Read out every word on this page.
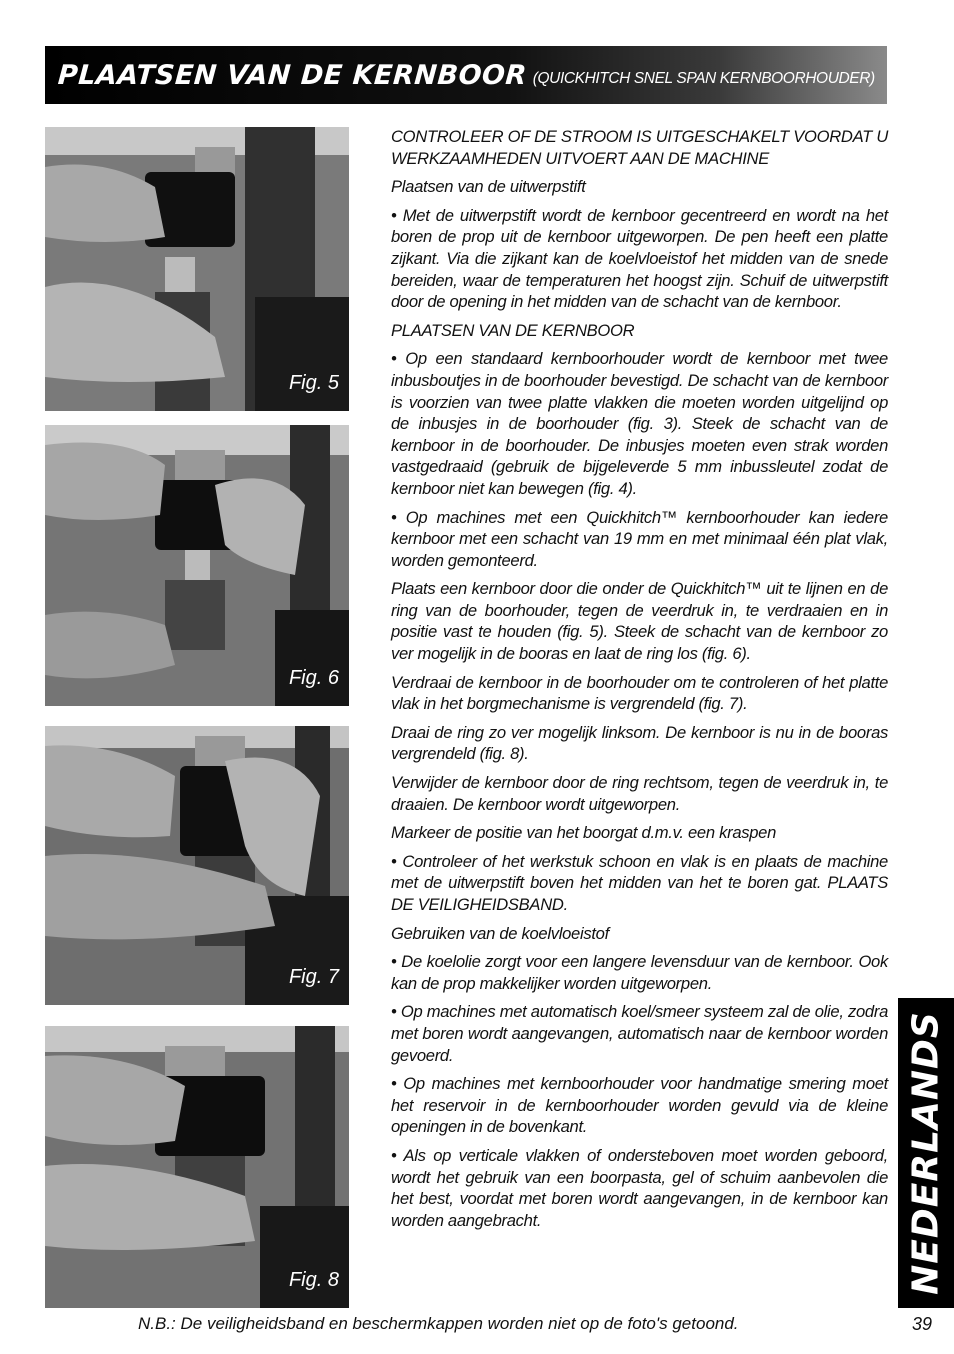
PLAATSEN VAN DE KERNBOOR (QUICKHITCH SNEL SPAN KERNBOORHOUDER)
Fig. 5
Fig. 6
Fig. 7
Fig. 8

CONTROLEER OF DE STROOM IS UITGESCHAKELT VOORDAT U WERKZAAMHEDEN UITVOERT AAN DE MACHINE

Plaatsen van de uitwerpstift

• Met de uitwerpstift wordt de kernboor gecentreerd en wordt na het boren de prop uit de kernboor uitgeworpen. De pen heeft een platte zijkant. Via die zijkant kan de koelvloeistof het midden van de snede bereiden, waar de temperaturen het hoogst zijn. Schuif de uitwerpstift door de opening in het midden van de schacht van de kernboor.

PLAATSEN VAN DE KERNBOOR

• Op een standaard kernboorhouder wordt de kernboor met twee inbusboutjes in de boorhouder bevestigd. De schacht van de kernboor is voorzien van twee platte vlakken die moeten worden uitgelijnd op de inbusjes in de boorhouder (fig. 3). Steek de schacht van de kernboor in de boorhouder. De inbusjes moeten even strak worden vastgedraaid (gebruik de bijgeleverde 5 mm inbussleutel zodat de kernboor niet kan bewegen (fig. 4).

• Op machines met een Quickhitch™ kernboorhouder kan iedere kernboor met een schacht van 19 mm en met minimaal één plat vlak, worden gemonteerd.

Plaats een kernboor door die onder de Quickhitch™ uit te lijnen en de ring van de boorhouder, tegen de veerdruk in, te verdraaien en in positie vast te houden (fig. 5). Steek de schacht van de kernboor zo ver mogelijk in de booras en laat de ring los (fig. 6).

Verdraai de kernboor in de boorhouder om te controleren of het platte vlak in het borgmechanisme is vergrendeld (fig. 7).

Draai de ring zo ver mogelijk linksom. De kernboor is nu in de booras vergrendeld (fig. 8).

Verwijder de kernboor door de ring rechtsom, tegen de veerdruk in, te draaien. De kernboor wordt uitgeworpen.

Markeer de positie van het boorgat d.m.v. een kraspen

• Controleer of het werkstuk schoon en vlak is en plaats de machine met de uitwerpstift boven het midden van het te boren gat. PLAATS DE VEILIGHEIDSBAND.

Gebruiken van de koelvloeistof

• De koelolie zorgt voor een langere levensduur van de kernboor. Ook kan de prop makkelijker worden uitgeworpen.

• Op machines met automatisch koel/smeer systeem zal de olie, zodra met boren wordt aangevangen, automatisch naar de kernboor worden gevoerd.

• Op machines met kernboorhouder voor handmatige smering moet het reservoir in de kernboorhouder worden gevuld via de kleine openingen in de bovenkant.

• Als op verticale vlakken of ondersteboven moet worden geboord, wordt het gebruik van een boorpasta, gel of schuim aanbevolen die het best, voordat met boren wordt aangevangen, in de kernboor kan worden aangebracht.	NEDERLANDS
N.B.: De veiligheidsband en beschermkappen worden niet op de foto's getoond.	39
